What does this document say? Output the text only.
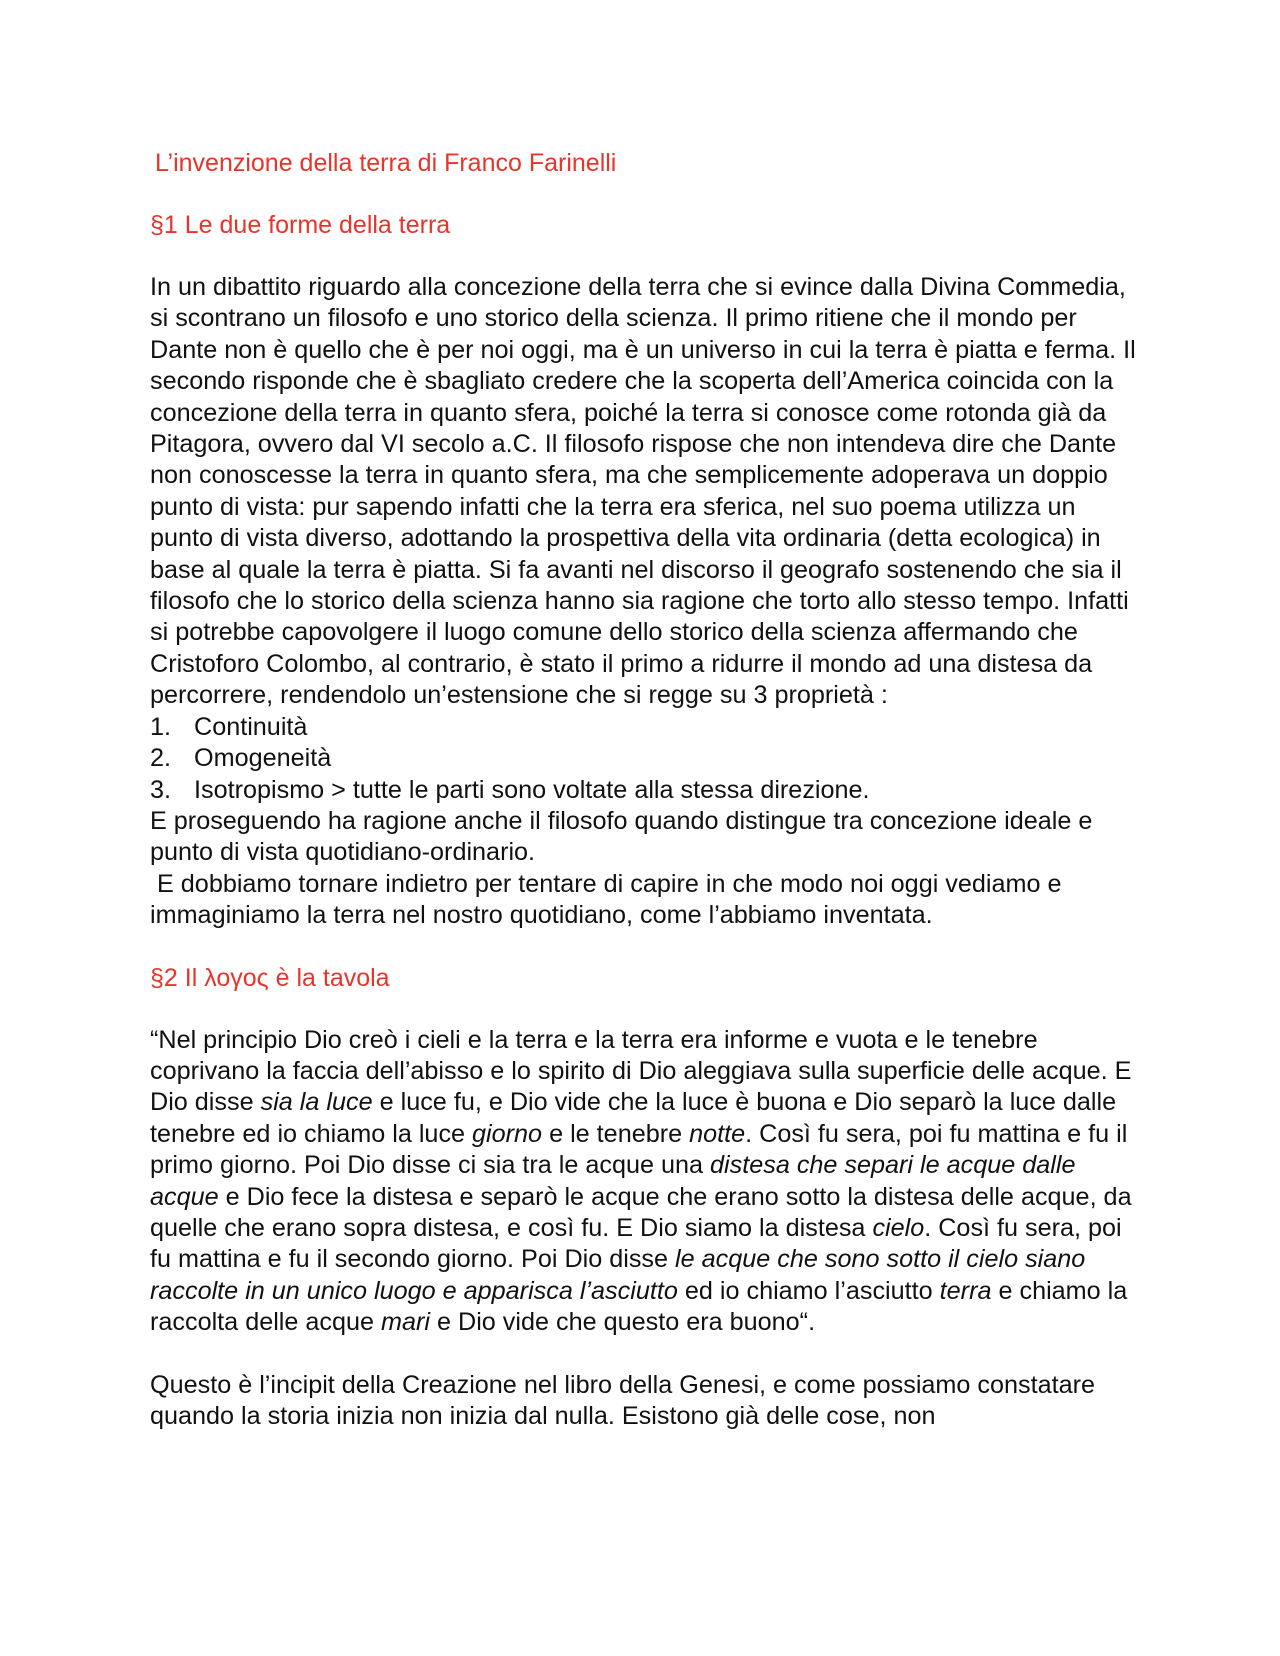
L’invenzione della terra di Franco Farinelli
§1 Le due forme della terra

In un dibattito riguardo alla concezione della terra che si evince dalla Divina Commedia, si scontrano un filosofo e uno storico della scienza. Il primo ritiene che il mondo per Dante non è quello che è per noi oggi, ma è un universo in cui la terra è piatta e ferma. Il secondo risponde che è sbagliato credere che la scoperta dell’America coincida con la concezione della terra in quanto sfera, poiché la terra si conosce come rotonda già da Pitagora, ovvero dal VI secolo a.C. Il filosofo rispose che non intendeva dire che Dante non conoscesse la terra in quanto sfera, ma che semplicemente adoperava un doppio punto di vista: pur sapendo infatti che la terra era sferica, nel suo poema utilizza un punto di vista diverso, adottando la prospettiva della vita ordinaria (detta ecologica) in base al quale la terra è piatta. Si fa avanti nel discorso il geografo sostenendo che sia il filosofo che lo storico della scienza hanno sia ragione che torto allo stesso tempo. Infatti si potrebbe capovolgere il luogo comune dello storico della scienza affermando che Cristoforo Colombo, al contrario, è stato il primo a ridurre il mondo ad una distesa da percorrere, rendendolo un’estensione che si regge su 3 proprietà :

1. Continuità
2. Omogeneità
3. Isotropismo > tutte le parti sono voltate alla stessa direzione.

E proseguendo ha ragione anche il filosofo quando distingue tra concezione ideale e punto di vista quotidiano-ordinario.

E dobbiamo tornare indietro per tentare di capire in che modo noi oggi vediamo e immaginiamo la terra nel nostro quotidiano, come l’abbiamo inventata.

§2 Il λογος è la tavola

“Nel principio Dio creò i cieli e la terra e la terra era informe e vuota e le tenebre coprivano la faccia dell’abisso e lo spirito di Dio aleggiava sulla superficie delle acque. E Dio disse sia la luce e luce fu, e Dio vide che la luce è buona e Dio separò la luce dalle tenebre ed io chiamo la luce giorno e le tenebre notte. Così fu sera, poi fu mattina e fu il primo giorno. Poi Dio disse ci sia tra le acque una distesa che separi le acque dalle acque e Dio fece la distesa e separò le acque che erano sotto la distesa delle acque, da quelle che erano sopra distesa, e così fu. E Dio siamo la distesa cielo. Così fu sera, poi fu mattina e fu il secondo giorno. Poi Dio disse le acque che sono sotto il cielo siano raccolte in un unico luogo e apparisca l’asciutto ed io chiamo l’asciutto terra e chiamo la raccolta delle acque mari e Dio vide che questo era buono“.

Questo è l’incipit della Creazione nel libro della Genesi, e come possiamo constatare quando la storia inizia non inizia dal nulla. Esistono già delle cose, non
